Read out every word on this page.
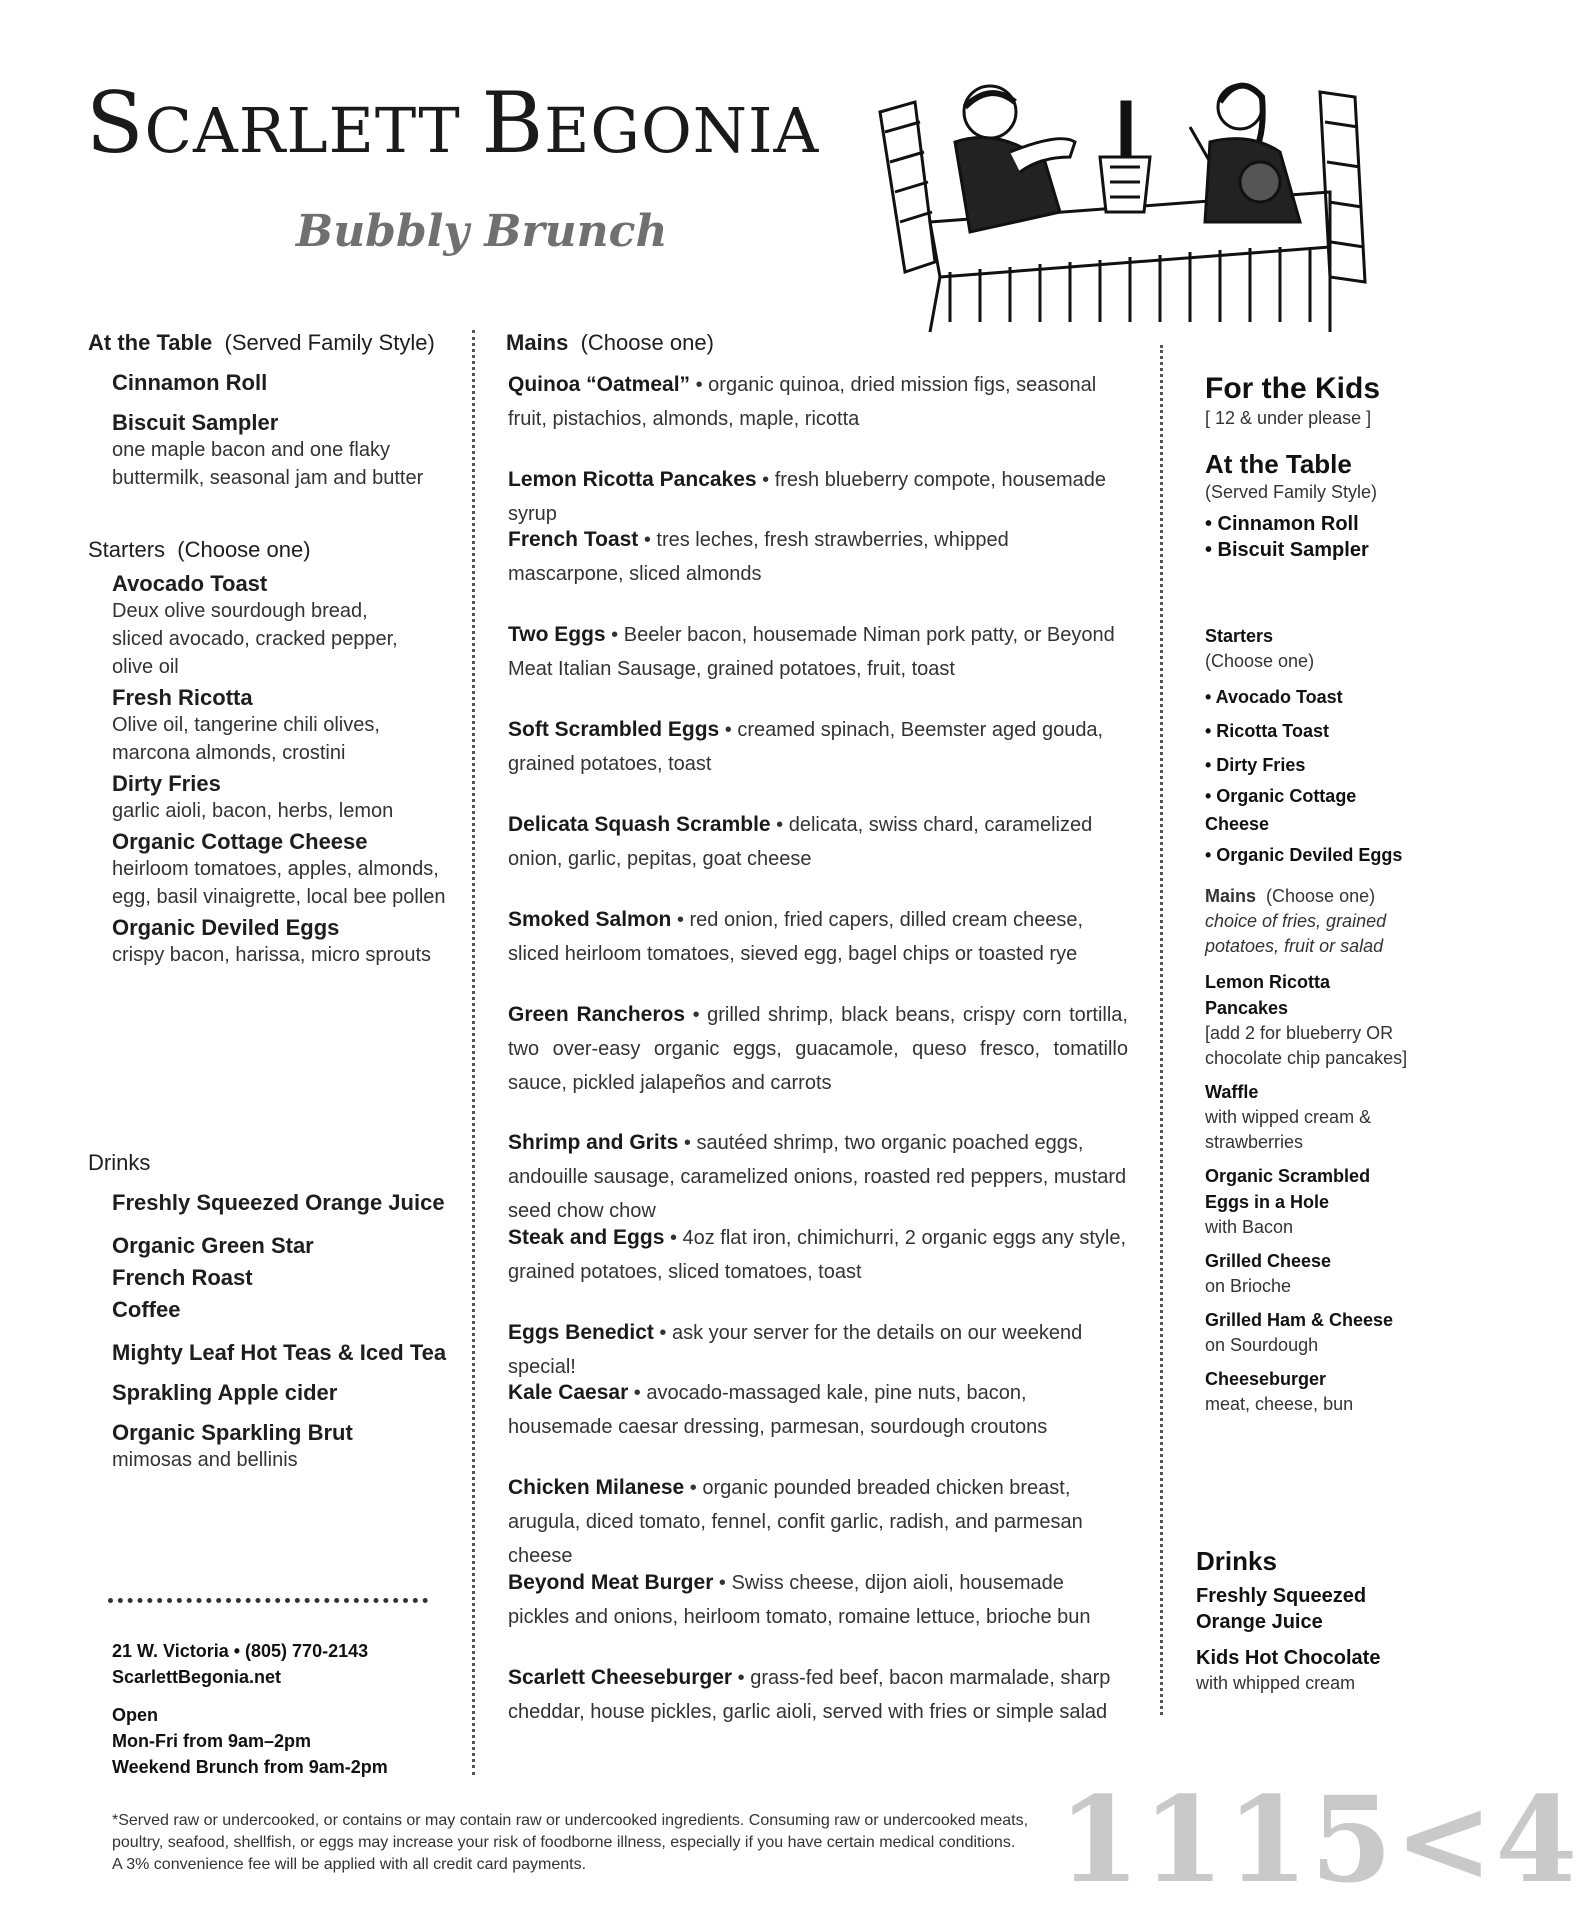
SCARLETT BEGONIA
Bubbly Brunch
At the Table (Served Family Style)
Cinnamon Roll
Biscuit Sampler
one maple bacon and one flaky buttermilk, seasonal jam and butter
Starters (Choose one)
Avocado Toast
Deux olive sourdough bread, sliced avocado, cracked pepper, olive oil
Fresh Ricotta
Olive oil, tangerine chili olives, marcona almonds, crostini
Dirty Fries
garlic aioli, bacon, herbs, lemon
Organic Cottage Cheese
heirloom tomatoes, apples, almonds, egg, basil vinaigrette, local bee pollen
Organic Deviled Eggs
crispy bacon, harissa, micro sprouts
Drinks
Freshly Squeezed Orange Juice
Organic Green Star French Roast Coffee
Mighty Leaf Hot Teas & Iced Tea
Sprakling Apple cider
Organic Sparkling Brut
mimosas and bellinis
21 W. Victoria • (805) 770-2143
ScarlettBegonia.net
Open
Mon-Fri from 9am–2pm
Weekend Brunch from 9am-2pm
Mains (Choose one)
Quinoa “Oatmeal” • organic quinoa, dried mission figs, seasonal fruit, pistachios, almonds, maple, ricotta
Lemon Ricotta Pancakes • fresh blueberry compote, housemade syrup
French Toast • tres leches, fresh strawberries, whipped mascarpone, sliced almonds
Two Eggs • Beeler bacon, housemade Niman pork patty, or Beyond Meat Italian Sausage, grained potatoes, fruit, toast
Soft Scrambled Eggs • creamed spinach, Beemster aged gouda, grained potatoes, toast
Delicata Squash Scramble • delicata, swiss chard, caramelized onion, garlic, pepitas, goat cheese
Smoked Salmon • red onion, fried capers, dilled cream cheese, sliced heirloom tomatoes, sieved egg, bagel chips or toasted rye
Green Rancheros • grilled shrimp, black beans, crispy corn tortilla, two over-easy organic eggs, guacamole, queso fresco, tomatillo sauce, pickled jalapeños and carrots
Shrimp and Grits • sautéed shrimp, two organic poached eggs, andouille sausage, caramelized onions, roasted red peppers, mustard seed chow chow
Steak and Eggs • 4oz flat iron, chimichurri, 2 organic eggs any style, grained potatoes, sliced tomatoes, toast
Eggs Benedict • ask your server for the details on our weekend special!
Kale Caesar • avocado-massaged kale, pine nuts, bacon, housemade caesar dressing, parmesan, sourdough croutons
Chicken Milanese • organic pounded breaded chicken breast, arugula, diced tomato, fennel, confit garlic, radish, and parmesan cheese
Beyond Meat Burger • Swiss cheese, dijon aioli, housemade pickles and onions, heirloom tomato, romaine lettuce, brioche bun
Scarlett Cheeseburger • grass-fed beef, bacon marmalade, sharp cheddar, house pickles, garlic aioli, served with fries or simple salad
For the Kids
[ 12 & under please ]
At the Table
(Served Family Style)
• Cinnamon Roll
• Biscuit Sampler
Starters
(Choose one)
• Avocado Toast
• Ricotta Toast
• Dirty Fries
• Organic Cottage Cheese
• Organic Deviled Eggs
Mains (Choose one)
choice of fries, grained potatoes, fruit or salad
Lemon Ricotta Pancakes
[add 2 for blueberry OR chocolate chip pancakes]
Waffle
with wipped cream & strawberries
Organic Scrambled Eggs in a Hole
with Bacon
Grilled Cheese
on Brioche
Grilled Ham & Cheese
on Sourdough
Cheeseburger
meat, cheese, bun
Drinks
Freshly Squeezed Orange Juice
Kids Hot Chocolate
with whipped cream
*Served raw or undercooked, or contains or may contain raw or undercooked ingredients. Consuming raw or undercooked meats, poultry, seafood, shellfish, or eggs may increase your risk of foodborne illness, especially if you have certain medical conditions.
A 3% convenience fee will be applied with all credit card payments.	1115<4
